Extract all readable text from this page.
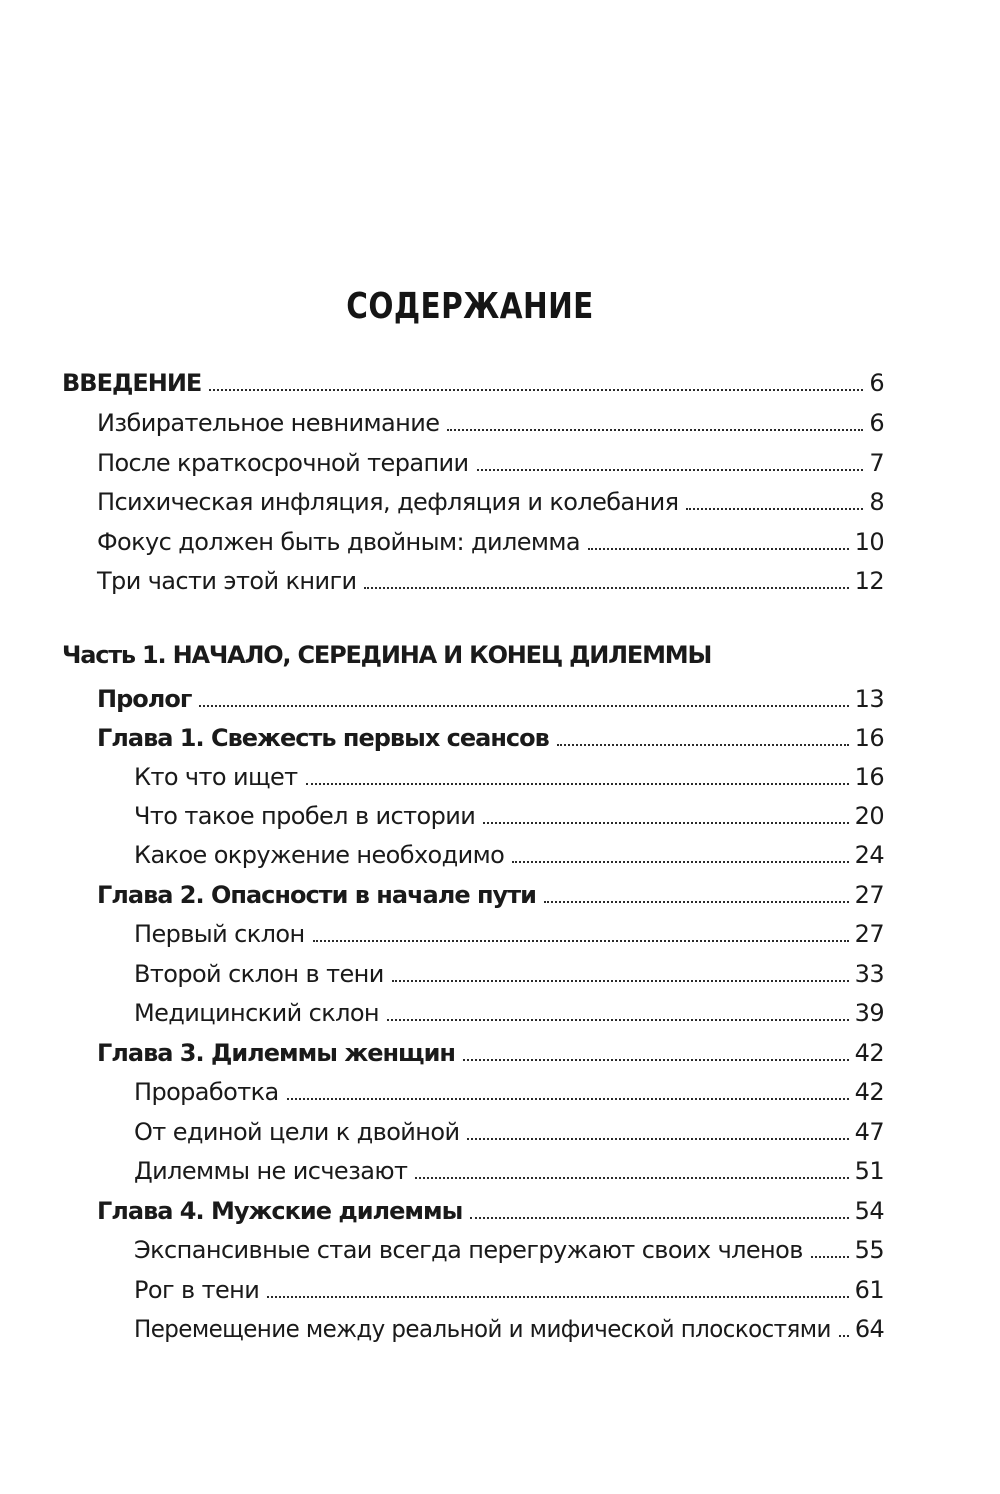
СОДЕРЖАНИЕ
ВВЕДЕНИЕ	6
Избирательное невнимание	6
После краткосрочной терапии	7
Психическая инфляция, дефляция и колебания	8
Фокус должен быть двойным: дилемма	10
Три части этой книги	12
Часть 1. НАЧАЛО, СЕРЕДИНА И КОНЕЦ ДИЛЕММЫ
Пролог	13
Глава 1. Свежесть первых сеансов	16
Кто что ищет	16
Что такое пробел в истории	20
Какое окружение необходимо	24
Глава 2. Опасности в начале пути	27
Первый склон	27
Второй склон в тени	33
Медицинский склон	39
Глава 3. Дилеммы женщин	42
Проработка	42
От единой цели к двойной	47
Дилеммы не исчезают	51
Глава 4. Мужские дилеммы	54
Экспансивные стаи всегда перегружают своих членов 55
Рог в тени	61
Перемещение между реальной и мифической плоскостями 64
